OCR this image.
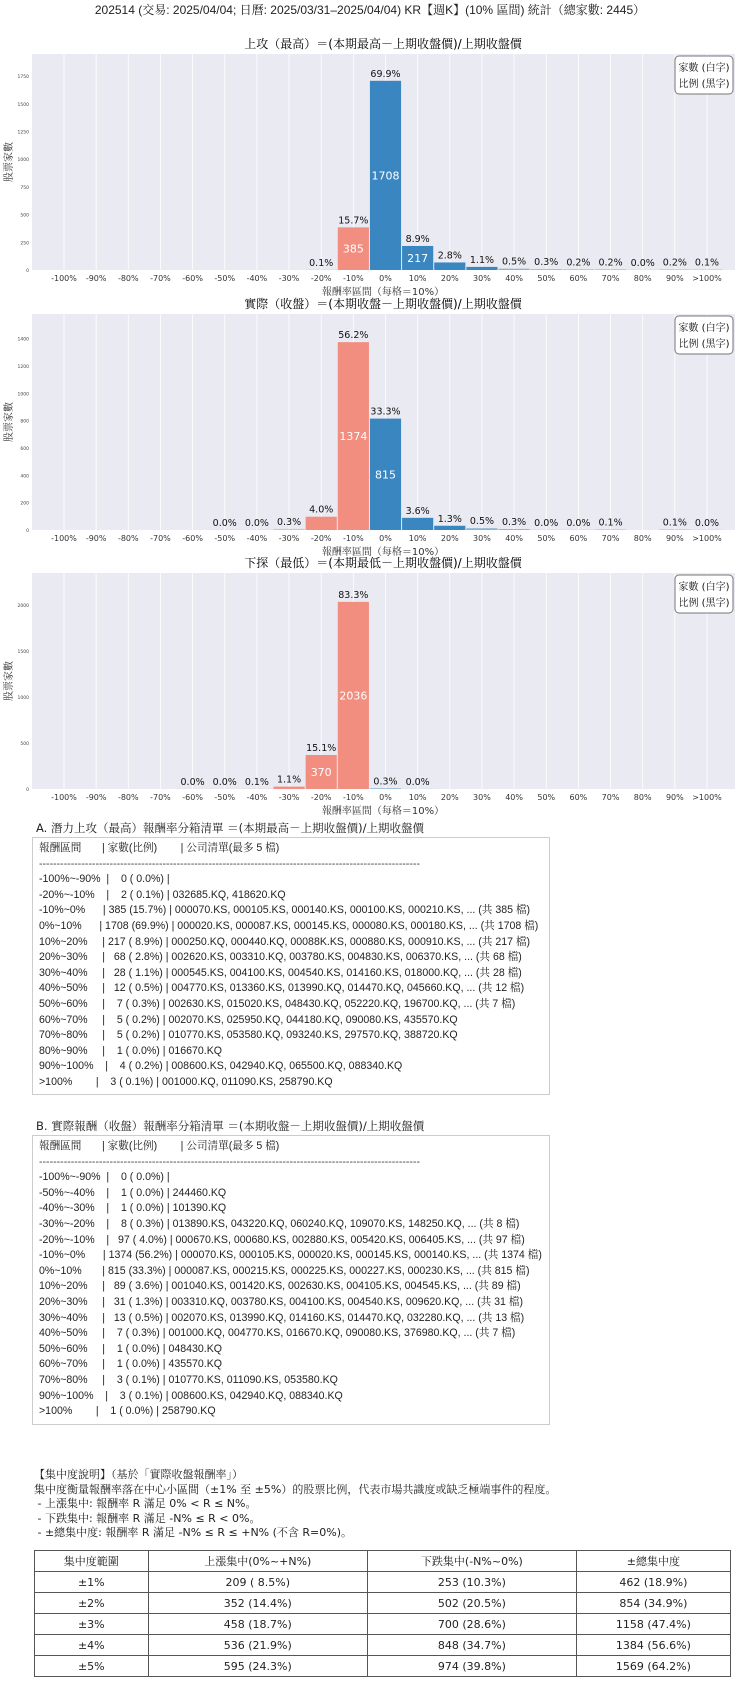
202514 (交易: 2025/04/04; 日曆: 2025/03/31–2025/04/04) KR【週K】(10% 區間) 統計（總家數: 2445）
上攻（最高）＝(本期最高－上期收盤價)/上期收盤價
-100% -90% -80% -70% -60% -50% -40% -30% -20% -10% 0% 10% 20% 30% 40% 50% 60% 70% 80% 90% >100%
0
250
500
750
1000
1250
1500
1750
0.1%
385
15.7%
1708
69.9%
217
8.9%
2.8% 1.1% 0.5% 0.3% 0.2% 0.2% 0.0% 0.2% 0.1%
報酬率區間（每格＝10%）
股票家數
家數 (白字)
比例 (黑字)
實際（收盤）＝(本期收盤－上期收盤價)/上期收盤價
-100% -90% -80% -70% -60% -50% -40% -30% -20% -10% 0% 10% 20% 30% 40% 50% 60% 70% 80% 90% >100%
0
200
400
600
800
1000
1200
1400
0.0% 0.0% 0.3%
4.0%
1374
56.2%
815
33.3%
3.6%
1.3% 0.5% 0.3% 0.0% 0.0% 0.1%	0.1% 0.0%
報酬率區間（每格＝10%）
股票家數
家數 (白字)
比例 (黑字)
下探（最低）＝(本期最低－上期收盤價)/上期收盤價
-100% -90% -80% -70% -60% -50% -40% -30% -20% -10% 0% 10% 20% 30% 40% 50% 60% 70% 80% 90% >100%
0
500
1000
1500
2000
0.0% 0.0% 0.1% 1.1%
370
15.1%
2036
83.3%
0.3% 0.0%
報酬率區間（每格＝10%）
股票家數
家數 (白字)
比例 (黑字)
A. 潛力上攻（最高）報酬率分箱清單 ＝(本期最高－上期收盤價)/上期收盤價
報酬區間       | 家數(比例)        | 公司清單(最多 5 檔)
------------------------------------------------------------------------------------------------------------
-100%~-90%  |    0 ( 0.0%) |
-20%~-10%    |    2 ( 0.1%) | 032685.KQ, 418620.KQ
-10%~0%      | 385 (15.7%) | 000070.KS, 000105.KS, 000140.KS, 000100.KS, 000210.KS, ... (共 385 檔)
0%~10%      | 1708 (69.9%) | 000020.KS, 000087.KS, 000145.KS, 000080.KS, 000180.KS, ... (共 1708 檔)
10%~20%     | 217 ( 8.9%) | 000250.KQ, 000440.KQ, 00088K.KS, 000880.KS, 000910.KS, ... (共 217 檔)
20%~30%     |   68 ( 2.8%) | 002620.KS, 003310.KQ, 003780.KS, 004830.KS, 006370.KS, ... (共 68 檔)
30%~40%     |   28 ( 1.1%) | 000545.KS, 004100.KS, 004540.KS, 014160.KS, 018000.KQ, ... (共 28 檔)
40%~50%     |   12 ( 0.5%) | 004770.KS, 013360.KS, 013990.KQ, 014470.KQ, 045660.KQ, ... (共 12 檔)
50%~60%     |    7 ( 0.3%) | 002630.KS, 015020.KS, 048430.KQ, 052220.KQ, 196700.KQ, ... (共 7 檔)
60%~70%     |    5 ( 0.2%) | 002070.KS, 025950.KQ, 044180.KQ, 090080.KS, 435570.KQ
70%~80%     |    5 ( 0.2%) | 010770.KS, 053580.KQ, 093240.KS, 297570.KQ, 388720.KQ
80%~90%     |    1 ( 0.0%) | 016670.KQ
90%~100%    |    4 ( 0.2%) | 008600.KS, 042940.KQ, 065500.KQ, 088340.KQ
>100%        |    3 ( 0.1%) | 001000.KQ, 011090.KS, 258790.KQ
B. 實際報酬（收盤）報酬率分箱清單 ＝(本期收盤－上期收盤價)/上期收盤價
報酬區間       | 家數(比例)        | 公司清單(最多 5 檔)
------------------------------------------------------------------------------------------------------------
-100%~-90%  |    0 ( 0.0%) |
-50%~-40%    |    1 ( 0.0%) | 244460.KQ
-40%~-30%    |    1 ( 0.0%) | 101390.KQ
-30%~-20%    |    8 ( 0.3%) | 013890.KS, 043220.KQ, 060240.KQ, 109070.KS, 148250.KQ, ... (共 8 檔)
-20%~-10%    |   97 ( 4.0%) | 000670.KS, 000680.KS, 002880.KS, 005420.KS, 006405.KS, ... (共 97 檔)
-10%~0%      | 1374 (56.2%) | 000070.KS, 000105.KS, 000020.KS, 000145.KS, 000140.KS, ... (共 1374 檔)
0%~10%       | 815 (33.3%) | 000087.KS, 000215.KS, 000225.KS, 000227.KS, 000230.KS, ... (共 815 檔)
10%~20%     |   89 ( 3.6%) | 001040.KS, 001420.KS, 002630.KS, 004105.KS, 004545.KS, ... (共 89 檔)
20%~30%     |   31 ( 1.3%) | 003310.KQ, 003780.KS, 004100.KS, 004540.KS, 009620.KQ, ... (共 31 檔)
30%~40%     |   13 ( 0.5%) | 002070.KS, 013990.KQ, 014160.KS, 014470.KQ, 032280.KQ, ... (共 13 檔)
40%~50%     |    7 ( 0.3%) | 001000.KQ, 004770.KS, 016670.KQ, 090080.KS, 376980.KQ, ... (共 7 檔)
50%~60%     |    1 ( 0.0%) | 048430.KQ
60%~70%     |    1 ( 0.0%) | 435570.KQ
70%~80%     |    3 ( 0.1%) | 010770.KS, 011090.KS, 053580.KQ
90%~100%    |    3 ( 0.1%) | 008600.KS, 042940.KQ, 088340.KQ
>100%        |    1 ( 0.0%) | 258790.KQ
【集中度說明】（基於「實際收盤報酬率」）
集中度衡量報酬率落在中心小區間（±1% 至 ±5%）的股票比例，代表市場共識度或缺乏極端事件的程度。
- 上漲集中: 報酬率 R 滿足 0% < R ≤ N%。
- 下跌集中: 報酬率 R 滿足 -N% ≤ R < 0%。
- ±總集中度: 報酬率 R 滿足 -N% ≤ R ≤ +N% (不含 R=0%)。
集中度範圍	上漲集中(0%~+N%)	下跌集中(-N%~0%)	±總集中度
±1%	209 ( 8.5%)	253 (10.3%)	462 (18.9%)
±2%	352 (14.4%)	502 (20.5%)	854 (34.9%)
±3%	458 (18.7%)	700 (28.6%)	1158 (47.4%)
±4%	536 (21.9%)	848 (34.7%)	1384 (56.6%)
±5%	595 (24.3%)	974 (39.8%)	1569 (64.2%)
